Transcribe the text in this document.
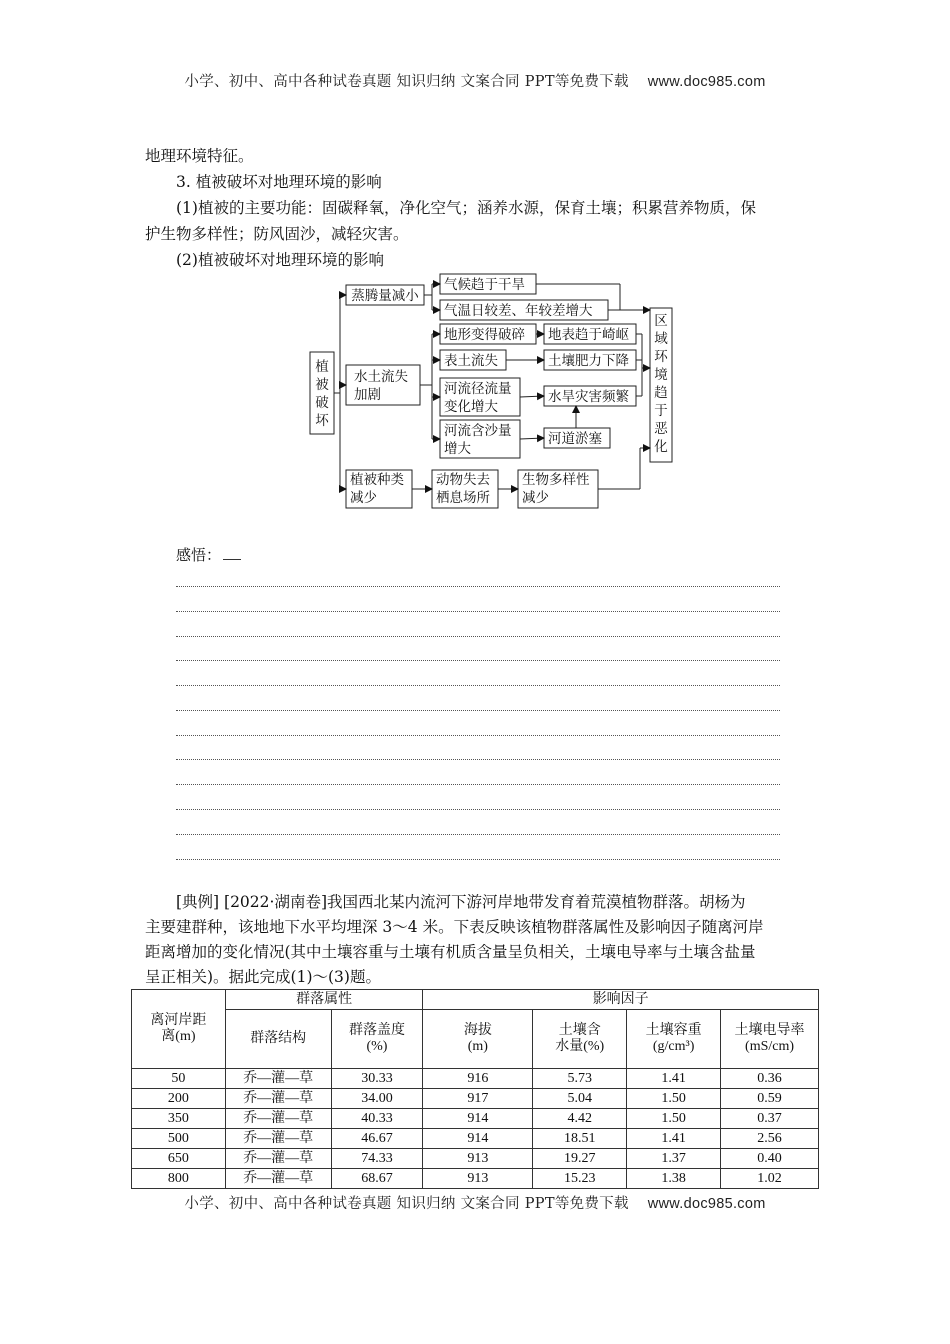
小学、初中、高中各种试卷真题 知识归纳 文案合同 PPT等免费下载 www.doc985.com
地理环境特征。
3. 植被破坏对地理环境的影响
(1)植被的主要功能：固碳释氧，净化空气；涵养水源，保育土壤；积累营养物质，保
护生物多样性；防风固沙，减轻灾害。
(2)植被破坏对地理环境的影响
植
被
破
坏
蒸腾量减小
水土流失
加剧
植被种类
减少
气候趋于干旱
气温日较差、年较差增大
地形变得破碎 地表趋于崎岖
表土流失	土壤肥力下降
河流径流量
变化增大
水旱灾害频繁
河流含沙量
增大
河道淤塞
动物失去
栖息场所
生物多样性
减少
区
域
环
境
趋
于
恶
化
感悟：
[典例] [2022·湖南卷]我国西北某内流河下游河岸地带发育着荒漠植物群落。胡杨为
主要建群种，该地地下水平均埋深 3～4 米。下表反映该植物群落属性及影响因子随离河岸
距离增加的变化情况(其中土壤容重与土壤有机质含量呈负相关，土壤电导率与土壤含盐量
呈正相关)。据此完成(1)～(3)题。
离河岸距离(m)	群落属性		影响因子			
	群落结构	群落盖度(%)	海拔(m)	土壤含水量(%)	土壤容重(g/cm³)	土壤电导率(mS/cm)
50	乔—灌—草	30.33	916	5.73	1.41	0.36
200	乔—灌—草	34.00	917	5.04	1.50	0.59
350	乔—灌—草	40.33	914	4.42	1.50	0.37
500	乔—灌—草	46.67	914	18.51	1.41	2.56
650	乔—灌—草	74.33	913	19.27	1.37	0.40
800	乔—灌—草	68.67	913	15.23	1.38	1.02
小学、初中、高中各种试卷真题 知识归纳 文案合同 PPT等免费下载 www.doc985.com
